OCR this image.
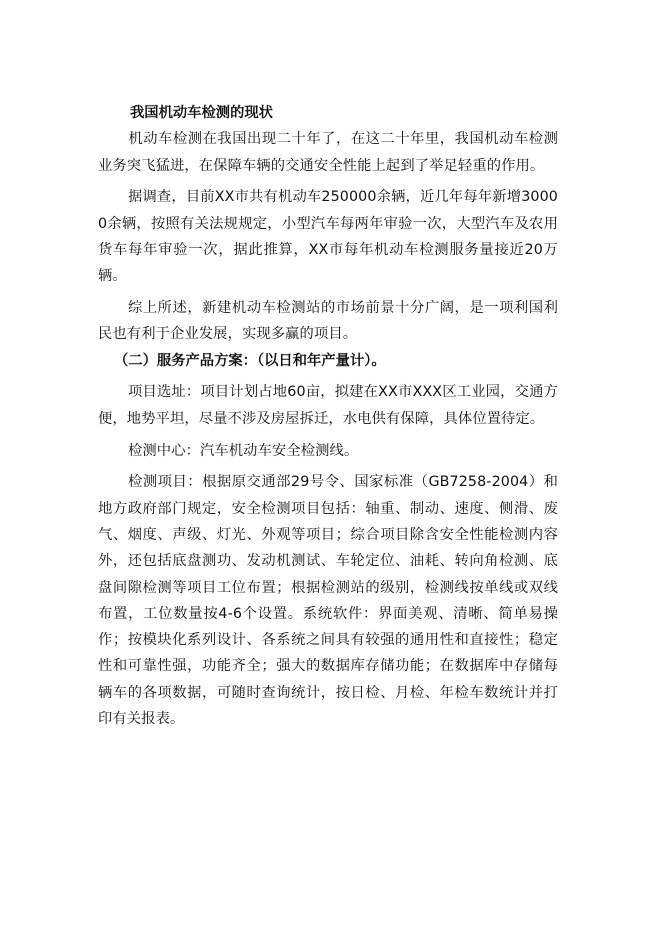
我国机动车检测的现状

机动车检测在我国出现二十年了，在这二十年里，我国机动车检测业务突飞猛进，在保障车辆的交通安全性能上起到了举足轻重的作用。

据调查，目前XX市共有机动车250000余辆，近几年每年新增30000余辆，按照有关法规规定，小型汽车每两年审验一次，大型汽车及农用货车每年审验一次，据此推算，XX市每年机动车检测服务量接近20万辆。

综上所述，新建机动车检测站的市场前景十分广阔，是一项利国利民也有利于企业发展，实现多赢的项目。

（二）服务产品方案：（以日和年产量计）。

项目选址：项目计划占地60亩，拟建在XX市XXX区工业园，交通方便，地势平坦，尽量不涉及房屋拆迁，水电供有保障，具体位置待定。

检测中心：汽车机动车安全检测线。

检测项目：根据原交通部29号令、国家标准（GB7258-2004）和地方政府部门规定，安全检测项目包括：轴重、制动、速度、侧滑、废气、烟度、声级、灯光、外观等项目；综合项目除含安全性能检测内容外，还包括底盘测功、发动机测试、车轮定位、油耗、转向角检测、底盘间隙检测等项目工位布置；根据检测站的级别，检测线按单线或双线布置，工位数量按4-6个设置。系统软件：界面美观、清晰、简单易操作；按模块化系列设计、各系统之间具有较强的通用性和直接性；稳定性和可靠性强，功能齐全；强大的数据库存储功能；在数据库中存储每辆车的各项数据，可随时查询统计，按日检、月检、年检车数统计并打印有关报表。
